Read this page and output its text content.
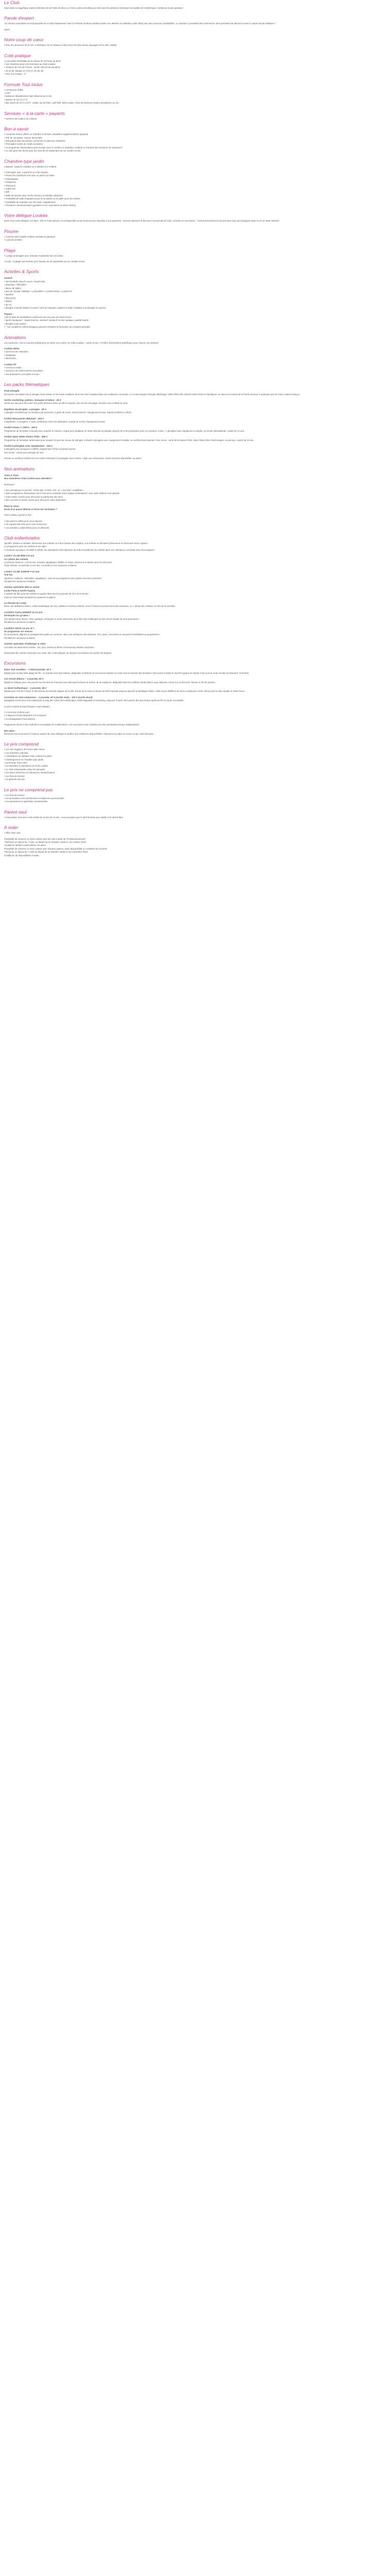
Le Club

Situé dans la magnifique station balnéaire de la Pointe du Bout, Le Club Lookéa est idéal pour découvrir les attraits et la beauté incroyable de la Martinique. Ambiance locale garantie !

Parole d'expert

"Le service secondaire et incomparable de ce club relativement situé à la Pointe du Bout combine toutes vos attentes et collection cadre idéal pour des vacances inoubliables. La situation à proximité des commerces mets permettra de découvrir toute la culture locale antillaise !"

Olivia

Notre coup de cœur
• Pour les amoureux de la mer, embarquez sur un bateau et découvrez les plus beaux paysages de la côte caraïbe
Coté pratique
• A proximité immédiate de la marina de la Pointe du Bout
• 113 chambres dont 143 réservées au Club Lookéa
• Aéroport de Fort de France : 25 km (30 mn de transfert)
• 30 nb de navigue en Fort en 40 min de
• Taxe non incluse : 3°
Formule Tout inclus
• L'endouvoir buffet
• L'été
• Boissons désaltérantes dans dépend sur le site
• Quittes de 16 h à 17 h
• Bar ouvert de 10 h à 23 h : sodas, jus de fruits, café filtre, bière locale, choix de boissons locales alcoolisées ou non
Services « à la carte » payants
• Services de location de voitures
Bon à savoir
• L'autorisé d'eaux offerte en chambre à l'arrivée. Bouteilles supplémentaires (payant)
• Prêt de serviettes, caution demandée
• Wifi gratuit dans les parties communes et dans les chambres
• Principales cartes de crédit acceptées
• Le programme d'animations peut évoluer avec le nombre et d'adultes / enfants en fonction des membres de vacanciers
• Le club peut être fermé pour les mois de 24 septembre au 1er octobre inclus
Chambre type jardin

Capacité : jusqu'à 3 adultes ou 2 adultes et 2 enfants.

• Aménagée avec 1 grand lit ou 2 lits simples
• Toutes les chambres sont avec un petit coin salon
• Climatisation
• Téléphone
• Télévision
• Coffre-fort
• Wifi
• Salle de douche avec sèche-cheveux et toilettes séparées
• Possibilité de salle d'équipées pour la 3e adulte ou 3e gaffe pour les enfants
• Possibilité de chambre vue mer (avec supplément)
• Chambres communicantes (gratuites et sur réservation (nombre limité))
Votre délégué Lookéa

Notre vous votre délégué sur place. 100 % Francophone, il est disponible à tout moment pour répondre à vos questions : bonnes adresses à découvrir à proximité du Club, conseils en excursions... Il est aussi présent à l'accueil pour vous accompagner dans la vie en toute sérénité.

Piscine
• 1 piscine avec bassin enfants, transats et parasols
• 1 piscine animée
Plage
• 1 plage aménagée avec transats et parasols face à la baie.

A noter : la plage sera fermée pour travaux du 24 septembre au 1er octobre inclus.

Activités & Sports
Gratuit :
• mini football • beach soccer • beach-ball
• pétanque • fléchettes
• lancer de balles
• jeux de société • Ballade • Lookeathlon • Lookéa Relax • Lookéa Fit
• aquafun
• ping-pong
• pilates
• tai chi
• plongée à sentier balisé et canoë • prêt de masques, palmes et tuba • initiation à la plongée en piscine
Payant :
• par le biais de prestataires extérieurs tous les jours de soleil et jeux
• sports nautiques* : kayak (marine, windsurf, windsurf en kite nautique, paddle board)
• plongée sous-marine
• * Les conditions météorologiques peuvent entraîner la fermeture de certaines activités.
Animations

Les vacances, c'est le moment parfait pour se retirer une soirée. En Club Lookéa « soirée à tout » Profitez d'animations spécifiques pour chacun vos activités.

Lookéa Relax
• exercices de relaxation
• méditation
• étirements...
Lookéa Fit
• exercices cardio
• exercices de renforcement musculaire
• nos animateurs sont prêts et vous !
Les packs thématiques
Pack plongée

Découvrez les plaisirs de la plongée sous-marine et les fonds coralliens de la mer des Caraïbes dans une ambiance conviviale. Le Centre Espace Plongée Martinique, MBH PRO DIN, MANTA DIVE PADI et Handisport, se situe à la marina de la Pointe du Bout, à quelques pas du Club Lookéa Carayou.

Sortie snorkeling, palmes, masques et tubas : 25 €

Sortie aux îles pour découvrir des petits poissons dans un décor tropical. Avec accès à la plage. Rendez-vous à 9h00 au Club.

Baptême de plongée, 1 plongée : 60 €

1 plongée encadrée par un moniteur par personne. A partir de 8 ans. Inscrit réservé : Équipement inclus. Départ à 9h00 ou 13h30.

Forfait Découverte débutant : 150 €

2 baptêmes, 2 plongées, 1 carte certification (Pour les débutants, à partir de 8 ans). Équipement inclus.

Forfait niveau 1 CMAS : 400 €

Programme de formation Français pour acquérir le niveau 1 requis pour pratiquer en toute sécurité la plongée jusqu'à 20 m de profondeur avec un moniteur. Inclus : 1 plongées avec équipement complet, un brevet international. A partir de 12 ans.

Forfait Open Water Divers PADI : 495 €

Programme de formation américaine pour acquérir le premier niveau de plongée, incluant 6 plongées avec équipement complet, un certificat international. Pour inclus : carte de formation PADI, Open Water (livre électronique), eLearning. A partir de 10 ans.

Forfait 5 plongées avec équipement : 240 €

5 plongées pour plongeurs certifiés, équipement, fiches et permis fournis.
Non inclus : extras pour plongée de nuit.

Prévoir un certificat médical de non contre-indication à la plongée sous-marine. L'âge aux redevances, autres horaires disponibles sur place.

Nos animations
Amis & Vous

Nos animations Club Lookéa vous attendent !

Retrouvez :

• Nos animations en journée : Pétit-calin, Ammie, Kilo, Le « Ha-Club, Lookathlon...
• Notre programme d'animations est le fruit de la créativité d'une équipe d'animateurs, avec plein d'idées et de plaisirs.
• Votre Atelier Combo pour découvrir le patrimoine des lieux
• Des concerts et bonne soirée pour découvrir votre destination
Place & Vous

Envie d'un pause détente à l'écart de l'animation ?

Club Lookéa a pensé à tout :

• Une piscine calme pour vous reposer
• Un espace bien-être pour vous ressourcer
• Les activités Lookéa Relax pour se détendre
Club enfants/ados

Sportifs, artistes ou timides, bienvenue aux enfants ou à leur bureau des copains, vos enfants se déroulent pleinement et retrouvent leurs copains !
Le programme pour les enfants et les ados.
A certaines semaines, de 9h00 à 18h00, les animateurs francophones du club accueilleront les enfants dans une ambiance conviviale avec trois espaces.

LOOKY CLUB MINI 4-6 ans

Au rythme des enfants
Le premier bonheur, c'est la mer. Activités aquatiques, théâtre et mises, dessus et le dessin pour les découvrir.
Toute l'année. Accueil des 3 et 6 ans. Accueillir sur les vacances scolaires.

LOOKY CLUB JUNIOR 7-10 ans

Anti fun
Sportives, ludiques, culturelles, aquatiques : tout est au programme pour passer de bons moments !
Pendant les vacances scolaires.

Soirées spéciales Mini & Junior

Looky Party et Soirée Pyjama
2 soirées de fête pour les enfants et quarter libre pour les parents de 19 h 30 à minuit !
Club sur réservation pendant les vacances scolaires.

La Parade de Looky

Dans une ambiance festive, mélée fantastique de rires, adultes et mêmes enfants, tous à l'unisson au lancement des vacances. Le « Show des enfants» le clou de la semaine.

LOOKÉA CHALLENGER 11-13 ans

Dévelopdu fun gr'ados !
Ces ateliers pour élever, créer, partager, échanger en toute autonomie pour faire des challenges au sein d'une équipe de trois personnes !
Pendant les vacances scolaires.

LOOKÉA ADOS 14 ans et +

Un programme sur mesure
Ils rencontrent, alignent et partagent des goûts en commun, dans une ambiance décontractée. Fun, sport, rencontres et souvenirs inoubliables au programme !
Pendant les vacances scolaires.

Soirées spéciales Challenger & Ados

Les ados ont aussi leurs soirées : DJ, jeux, soirées à thème et beaucoup d'autres surprises !

Exclusivité des soirées réservées aux ados, des à des bloqués de 30 jours en fonction du nombre de bloqués.

Excursions
Dans Sud Caraïbes – 1 demi-journée, 40 €

Départ pour la plus belle plage de l'île : la Grande Anse des Salines. Baignade et détente au bout d'une matinée en route vers la Savane des Esclaves. Découvrez ensuite le marché typique de Sainte-Anne puis la route montée du Diamant. Trois-Ilets.

Les Fonds Blancs – 1 journée, 83 €

Départ en bateau pour une journée sur les îlets du François pour découvrir la faune et la flore de la mangrove. Baignade dans les célèbres fonds blancs, puis déjeuner créole sur un îlet privé. Retour en fin de journée.

Le Nord Authentique – 1 journée, 86 €

Départ pour Fort-de-France et découverte du marché typique de la ville. Route de la Trace à travers la forêt tropicale jusqu'au pied de la Montagne Pelée. Visite d'une distillerie de rhum et déjeuner créole. Retour par la côte caraïbe et Saint-Pierre.

Croisière en mini-catamaran – 1 journée, 60 € (sortie Sud) – 100 € (sortie Nord)

Navigation à bord d'un mini-catamaran le long des côtes de la Martinique, arrêts baignade et snorkeling, déjeuner à bord. Découverte des plus beaux spots de l'île en toute convivialité.

Le prix comprend (sans boisson, sauf indiqué) :

• 1 excursion (même jour)
• 1 déjeuner inclus (boissons non incluses)
• Accompagnateur francophone

Programme donné à titre indicatif et susceptible de modifications. Les excursions sont réalisées par des prestataires locaux indépendants.

Bon plan :

Réservez vos excursions à l'avance auprès de votre délégué et profitez des meilleures disponibilités. Paiement sur place en euros ou par carte bancaire.

Le prix comprend
• Les vols réguliers de France aller-retour
• Les transferts collectifs
• L'assistance du délégué Club Lookéa sur place
• L'hébergement en chambre type jardin
• La formule Tout inclus
• Les activités et animations du Club Lookéa
• Le Club enfants/ados selon les périodes
• Les taxes aériennes et redevances aéroportuaires
• Les frais de dossier
• La garantie des prix
Le prix ne comprend pas
• Les frais de service
• Les prestations non mentionnées et dépenses personnelles
• Les assurances et garanties contractuelles
Parent seul
• Vous partez seul avec votre enfant de moins de 12 ans : vous ne payez que le tarif de base pour adulte et le tarif enfant.
A noter
• Offre sans vols

Possibilité de réserver ce Club Lookéa sans les vols à partir de 79 €/personne/nuit*.
*Tarif pour un séjour de 7 nuits, au départ de la chambre Jardin le 1er octobre 2019.
Conditions tarifaires particulières sur place.
Possibilité de réserver ce Club Lookéa avec d'autres options, selon disponibilité et conditions du moment.
*Tarif pour un séjour de 7 nuits au départ de la chambre Jardin le 1er novembre 2019.
Conditions de disponibilités et tarifs.
